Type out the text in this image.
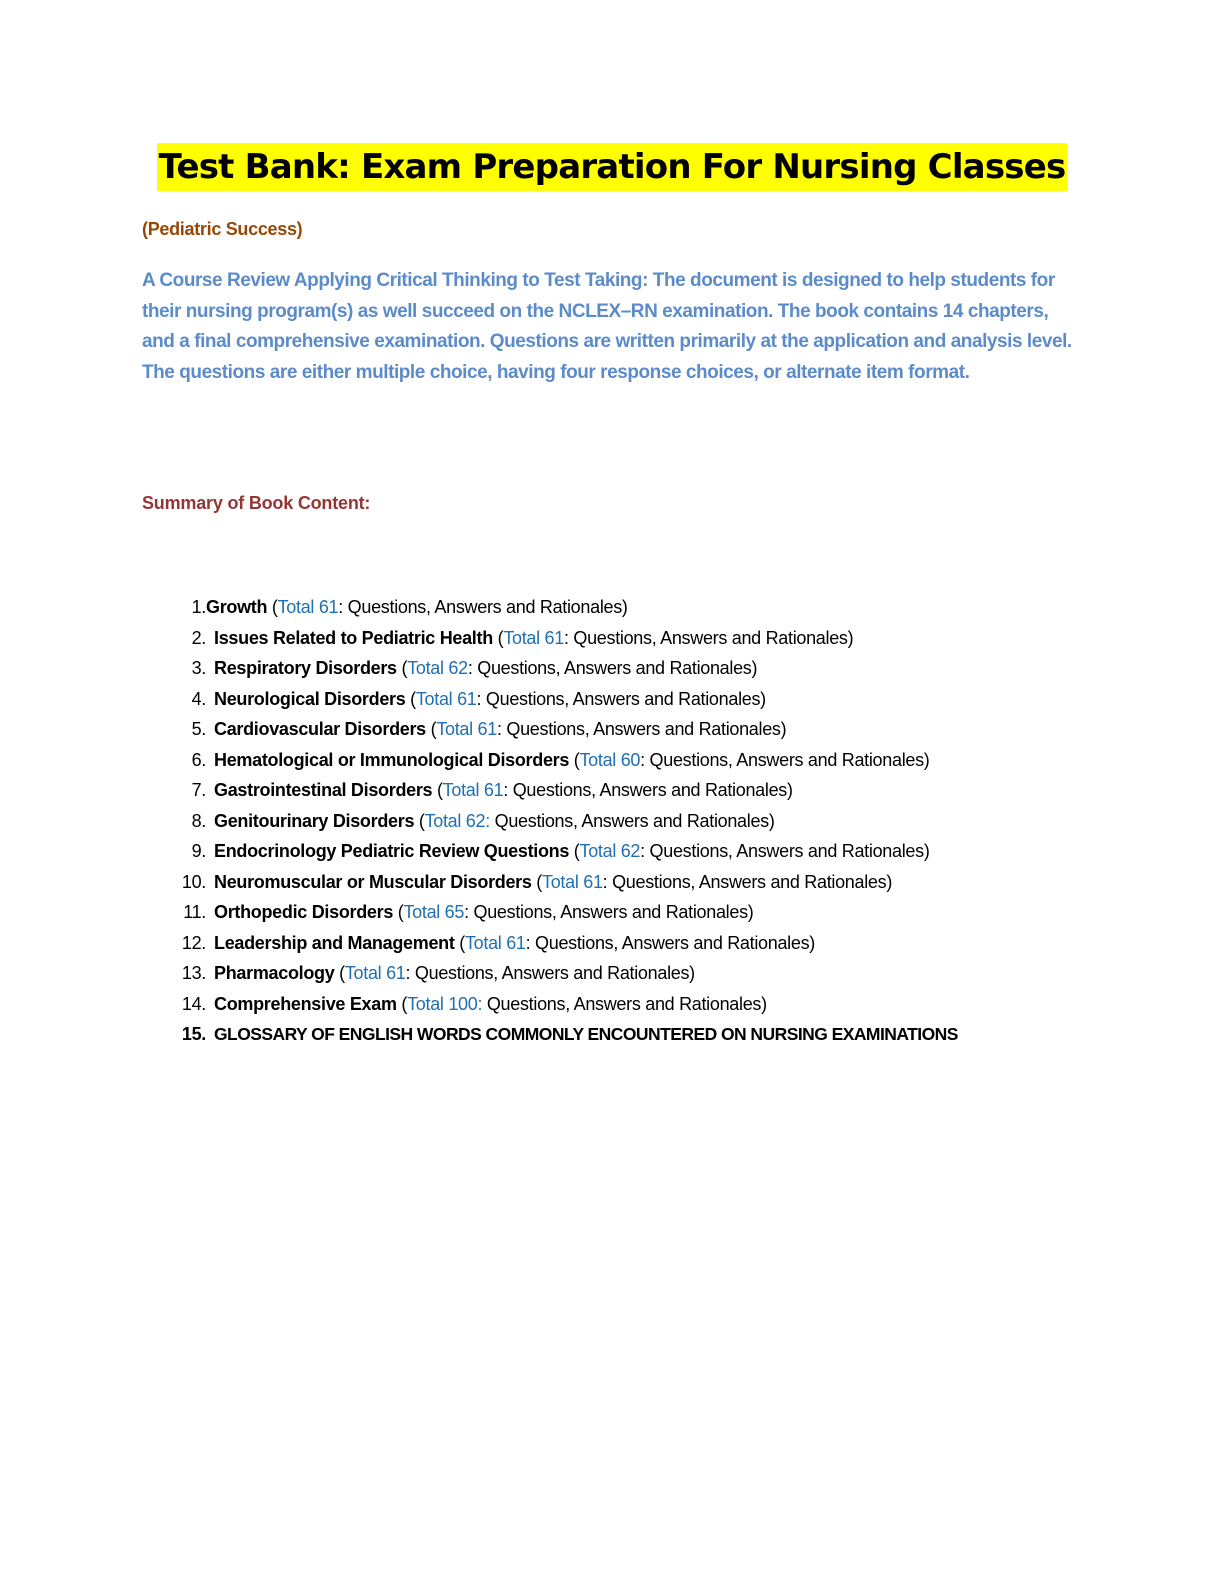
Test Bank: Exam Preparation For Nursing Classes
(Pediatric Success)

A Course Review Applying Critical Thinking to Test Taking: The document is designed to help students for their nursing program(s) as well succeed on the NCLEX–RN examination. The book contains 14 chapters, and a final comprehensive examination. Questions are written primarily at the application and analysis level. The questions are either multiple choice, having four response choices, or alternate item format.

Summary of Book Content:
1. Growth (Total 61: Questions, Answers and Rationales)
2. Issues Related to Pediatric Health (Total 61: Questions, Answers and Rationales)
3. Respiratory Disorders (Total 62: Questions, Answers and Rationales)
4. Neurological Disorders (Total 61: Questions, Answers and Rationales)
5. Cardiovascular Disorders (Total 61: Questions, Answers and Rationales)
6. Hematological or Immunological Disorders (Total 60: Questions, Answers and Rationales)
7. Gastrointestinal Disorders (Total 61: Questions, Answers and Rationales)
8. Genitourinary Disorders (Total 62: Questions, Answers and Rationales)
9. Endocrinology Pediatric Review Questions (Total 62: Questions, Answers and Rationales)
10. Neuromuscular or Muscular Disorders (Total 61: Questions, Answers and Rationales)
11. Orthopedic Disorders (Total 65: Questions, Answers and Rationales)
12. Leadership and Management (Total 61: Questions, Answers and Rationales)
13. Pharmacology (Total 61: Questions, Answers and Rationales)
14. Comprehensive Exam (Total 100: Questions, Answers and Rationales)
15. GLOSSARY OF ENGLISH WORDS COMMONLY ENCOUNTERED ON NURSING EXAMINATIONS
